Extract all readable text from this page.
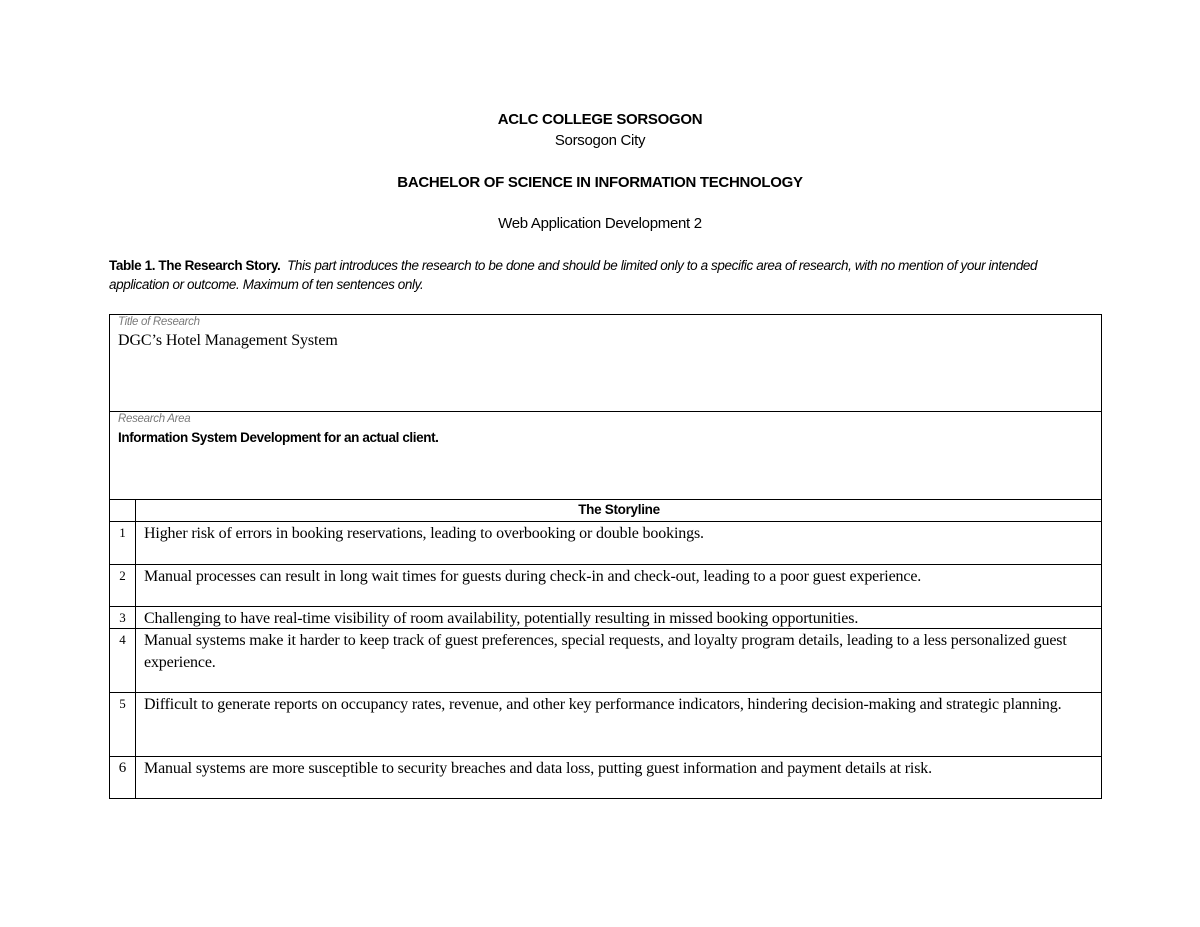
ACLC COLLEGE SORSOGON
Sorsogon City
BACHELOR OF SCIENCE IN INFORMATION TECHNOLOGY
Web Application Development 2
Table 1. The Research Story. This part introduces the research to be done and should be limited only to a specific area of research, with no mention of your intended application or outcome. Maximum of ten sentences only.
Title of Research
DGC’s Hotel Management System
Research Area
Information System Development for an actual client.
The Storyline
1	Higher risk of errors in booking reservations, leading to overbooking or double bookings.
2	Manual processes can result in long wait times for guests during check-in and check-out, leading to a poor guest experience.
3	Challenging to have real-time visibility of room availability, potentially resulting in missed booking opportunities.
4	Manual systems make it harder to keep track of guest preferences, special requests, and loyalty program details, leading to a less personalized guest experience.
5	Difficult to generate reports on occupancy rates, revenue, and other key performance indicators, hindering decision-making and strategic planning.
6	Manual systems are more susceptible to security breaches and data loss, putting guest information and payment details at risk.
